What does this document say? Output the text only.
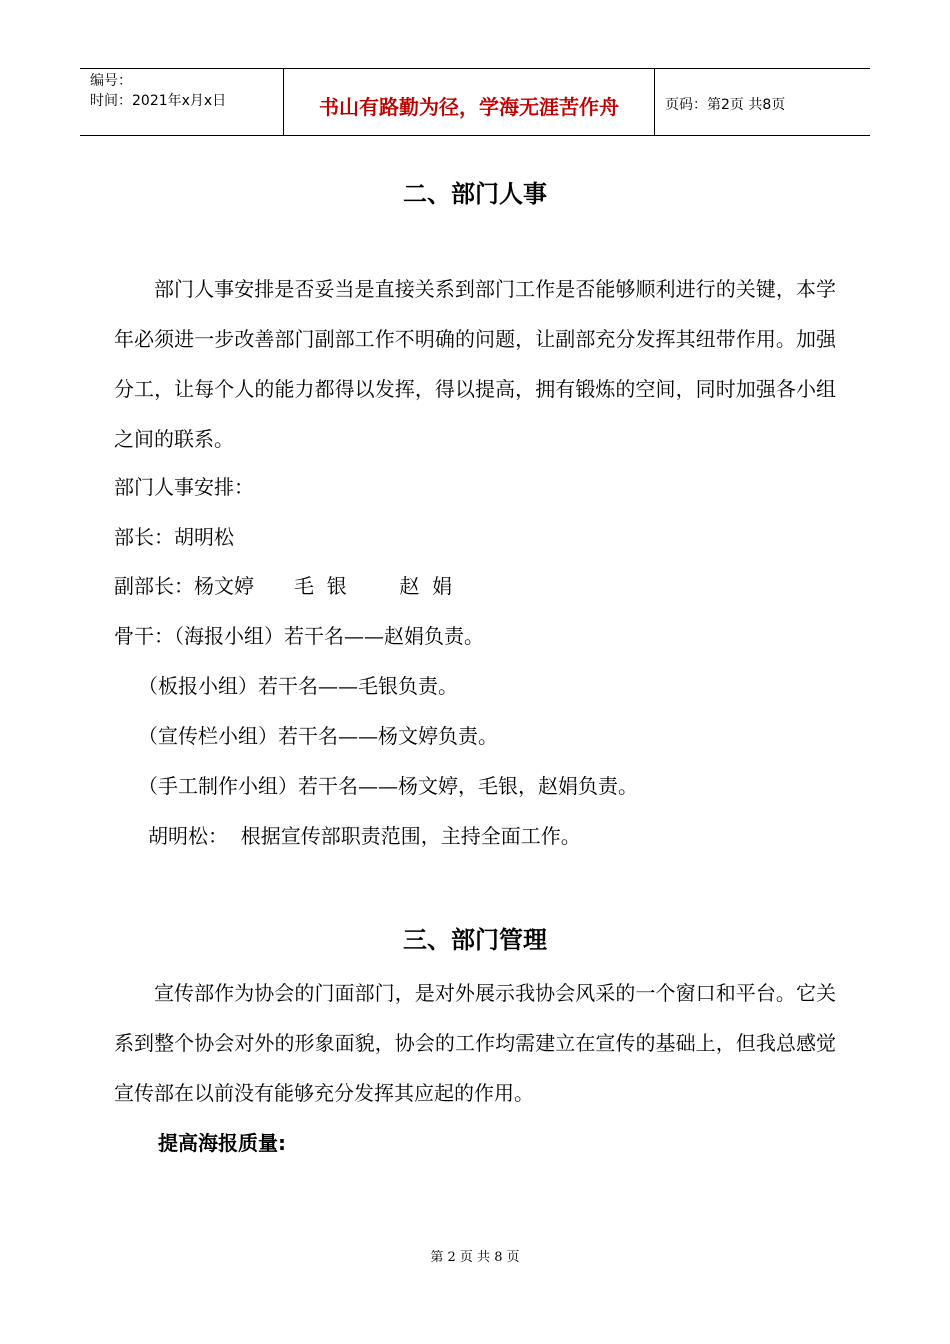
编号：
时间：2021年x月x日	书山有路勤为径，学海无涯苦作舟	页码：第2页 共8页
二、部门人事
部门人事安排是否妥当是直接关系到部门工作是否能够顺利进行的关键，本学年必须进一步改善部门副部工作不明确的问题，让副部充分发挥其纽带作用。加强分工，让每个人的能力都得以发挥，得以提高，拥有锻炼的空间，同时加强各小组之间的联系。
部门人事安排：
部长：胡明松
副部长：杨文婷　　毛  银　　  赵  娟
骨干：（海报小组）若干名——赵娟负责。
（板报小组）若干名——毛银负责。
（宣传栏小组）若干名——杨文婷负责。
（手工制作小组）若干名——杨文婷，毛银，赵娟负责。
胡明松：  根据宣传部职责范围，主持全面工作。
三、部门管理
宣传部作为协会的门面部门，是对外展示我协会风采的一个窗口和平台。它关系到整个协会对外的形象面貌，协会的工作均需建立在宣传的基础上，但我总感觉宣传部在以前没有能够充分发挥其应起的作用。
提高海报质量:
第 2 页 共 8 页
